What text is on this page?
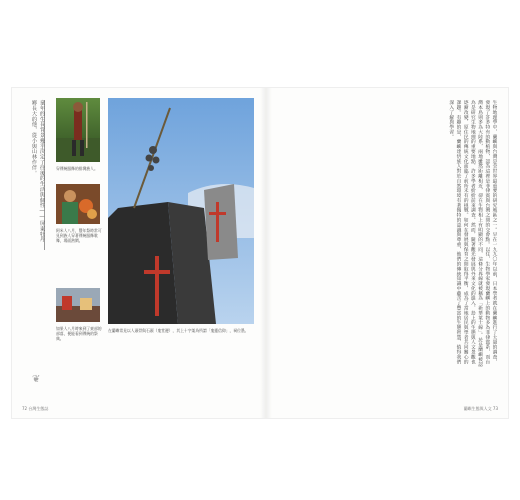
童年的生長背景幾乎決定了往後的生活與個性——屏東牡丹鄉長大的他，從小與山林作伴。	穿傳統服飾的排灣族人。
阿米人八月，豐年祭時常可見到族人穿著傳統服飾歌舞，場面熱鬧。
如果人八月時來到了東部的部落，便能看到傳統的祭典。
在蘭嶼常見以人頭骨與石頭（鬼堂邊），其上十字架為所謂「鬼靈信仰」，祠位墨。
❦
生物地理學中，蘭嶼與台灣是全世界最重要的研究地區之一。早在一九九〇年以前，日本學者就在蘭嶼進行了大量的調查，發現了許多特有的動植物，認為這裡是菲律賓與台灣之間的交會點。以往，生物學家發現蘭嶼上的動物多為菲律賓系，而台灣本島則多為大陸系，兩地雖然距離相近，卻在生物相上有明顯的不同，這條分界線就被稱為「新華萊士線」。於是蘭嶼被認為是研究生物地理的重要地點，許多學者紛紛前來調查。然而，隨著觀光發展與外來文化的進入，島上的生態與人文景觀也逐漸改變，原住民的傳統文化面臨了前所未有的挑戰。如何在發展與保育之間取得平衡，成為了當地居民與學者共同關心的課題。有趣的是，蘭嶼達悟族人對於自然環境有著獨特的認識與尊重，他們的傳統知識中蘊含了豐富的生態智慧，值得我們深入了解與學習。
72 台灣生態誌	蘭嶼生態與人文 73
